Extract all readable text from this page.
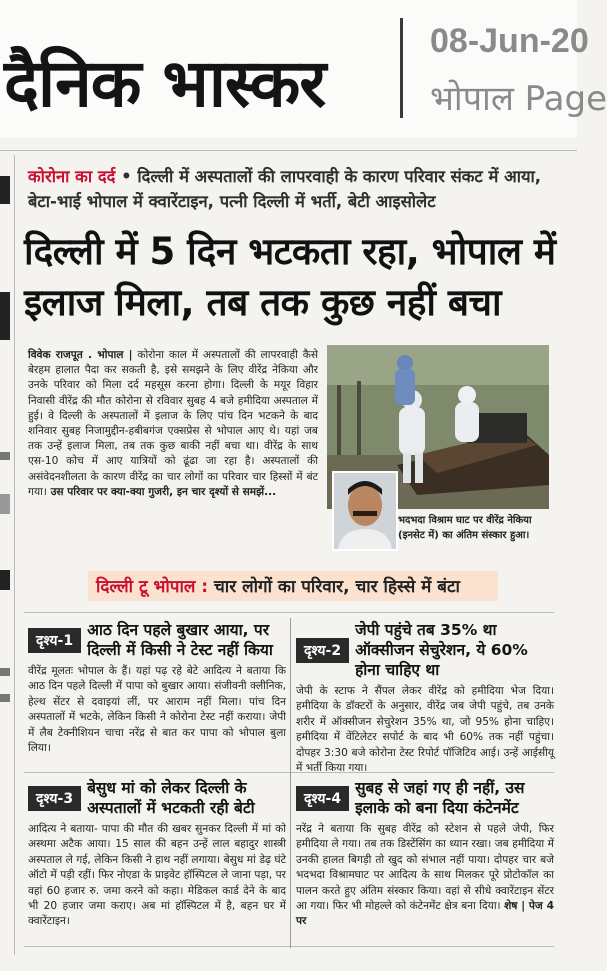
दैनिक भास्कर
08-Jun-20
भोपाल Page
कोरोना का दर्द • दिल्ली में अस्पतालों की लापरवाही के कारण परिवार संकट में आया, बेटा-भाई भोपाल में क्वारेंटाइन, पत्नी दिल्ली में भर्ती, बेटी आइसोलेट
दिल्ली में 5 दिन भटकता रहा, भोपाल में इलाज मिला, तब तक कुछ नहीं बचा
विवेक राजपूत . भोपाल | कोरोना काल में अस्पतालों की लापरवाही कैसे बेरहम हालात पैदा कर सकती है, इसे समझने के लिए वीरेंद्र नेकिया और उनके परिवार को मिला दर्द महसूस करना होगा। दिल्ली के मयूर विहार निवासी वीरेंद्र की मौत कोरोना से रविवार सुबह 4 बजे हमीदिया अस्पताल में हुई। वे दिल्ली के अस्पतालों में इलाज के लिए पांच दिन भटकने के बाद शनिवार सुबह निजामुद्दीन-हबीबगंज एक्सप्रेस से भोपाल आए थे। यहां जब तक उन्हें इलाज मिला, तब तक कुछ बाकी नहीं बचा था। वीरेंद्र के साथ एस-10 कोच में आए यात्रियों को ढूंढा जा रहा है। अस्पतालों की असंवेदनशीलता के कारण वीरेंद्र का चार लोगों का परिवार चार हिस्सों में बंट गया। उस परिवार पर क्या-क्या गुजरी, इन चार दृश्यों से समझें...
भदभदा विश्राम घाट पर वीरेंद्र नेकिया (इनसेट में) का अंतिम संस्कार हुआ।
दिल्ली टू भोपाल : चार लोगों का परिवार, चार हिस्से में बंटा
दृश्य-1
आठ दिन पहले बुखार आया, पर दिल्ली में किसी ने टेस्ट नहीं किया
वीरेंद्र मूलतः भोपाल के हैं। यहां पढ़ रहे बेटे आदित्य ने बताया कि आठ दिन पहले दिल्ली में पापा को बुखार आया। संजीवनी क्लीनिक, हेल्थ सेंटर से दवाइयां लीं, पर आराम नहीं मिला। पांच दिन अस्पतालों में भटके, लेकिन किसी ने कोरोना टेस्ट नहीं कराया। जेपी में लैब टेक्नीशियन चाचा नरेंद्र से बात कर पापा को भोपाल बुला लिया।
दृश्य-2
जेपी पहुंचे तब 35% था ऑक्सीजन सेचुरेशन, ये 60% होना चाहिए था
जेपी के स्टाफ ने सैंपल लेकर वीरेंद्र को हमीदिया भेज दिया। हमीदिया के डॉक्टरों के अनुसार, वीरेंद्र जब जेपी पहुंचे, तब उनके शरीर में ऑक्सीजन सेचुरेशन 35% था, जो 95% होना चाहिए। हमीदिया में वेंटिलेटर सपोर्ट के बाद भी 60% तक नहीं पहुंचा। दोपहर 3:30 बजे कोरोना टेस्ट रिपोर्ट पॉजिटिव आई। उन्हें आईसीयू में भर्ती किया गया।
दृश्य-3
बेसुध मां को लेकर दिल्ली के अस्पतालों में भटकती रही बेटी
आदित्य ने बताया- पापा की मौत की खबर सुनकर दिल्ली में मां को अस्थमा अटैक आया। 15 साल की बहन उन्हें लाल बहादुर शास्त्री अस्पताल ले गई, लेकिन किसी ने हाथ नहीं लगाया। बेसुध मां डेढ़ घंटे ऑटो में पड़ी रहीं। फिर नोएडा के प्राइवेट हॉस्पिटल ले जाना पड़ा, पर वहां 60 हजार रु. जमा करने को कहा। मेडिकल कार्ड देने के बाद भी 20 हजार जमा कराए। अब मां हॉस्पिटल में है, बहन घर में क्वारेंटाइन।
दृश्य-4
सुबह से जहां गए ही नहीं, उस इलाके को बना दिया कंटेनमेंट
नरेंद्र ने बताया कि सुबह वीरेंद्र को स्टेशन से पहले जेपी, फिर हमीदिया ले गया। तब तक डिस्टेंसिंग का ध्यान रखा। जब हमीदिया में उनकी हालत बिगड़ी तो खुद को संभाल नहीं पाया। दोपहर चार बजे भदभदा विश्रामघाट पर आदित्य के साथ मिलकर पूरे प्रोटोकॉल का पालन करते हुए अंतिम संस्कार किया। वहां से सीधे क्वारेंटाइन सेंटर आ गया। फिर भी मोहल्ले को कंटेनमेंट क्षेत्र बना दिया। शेष | पेज 4 पर
